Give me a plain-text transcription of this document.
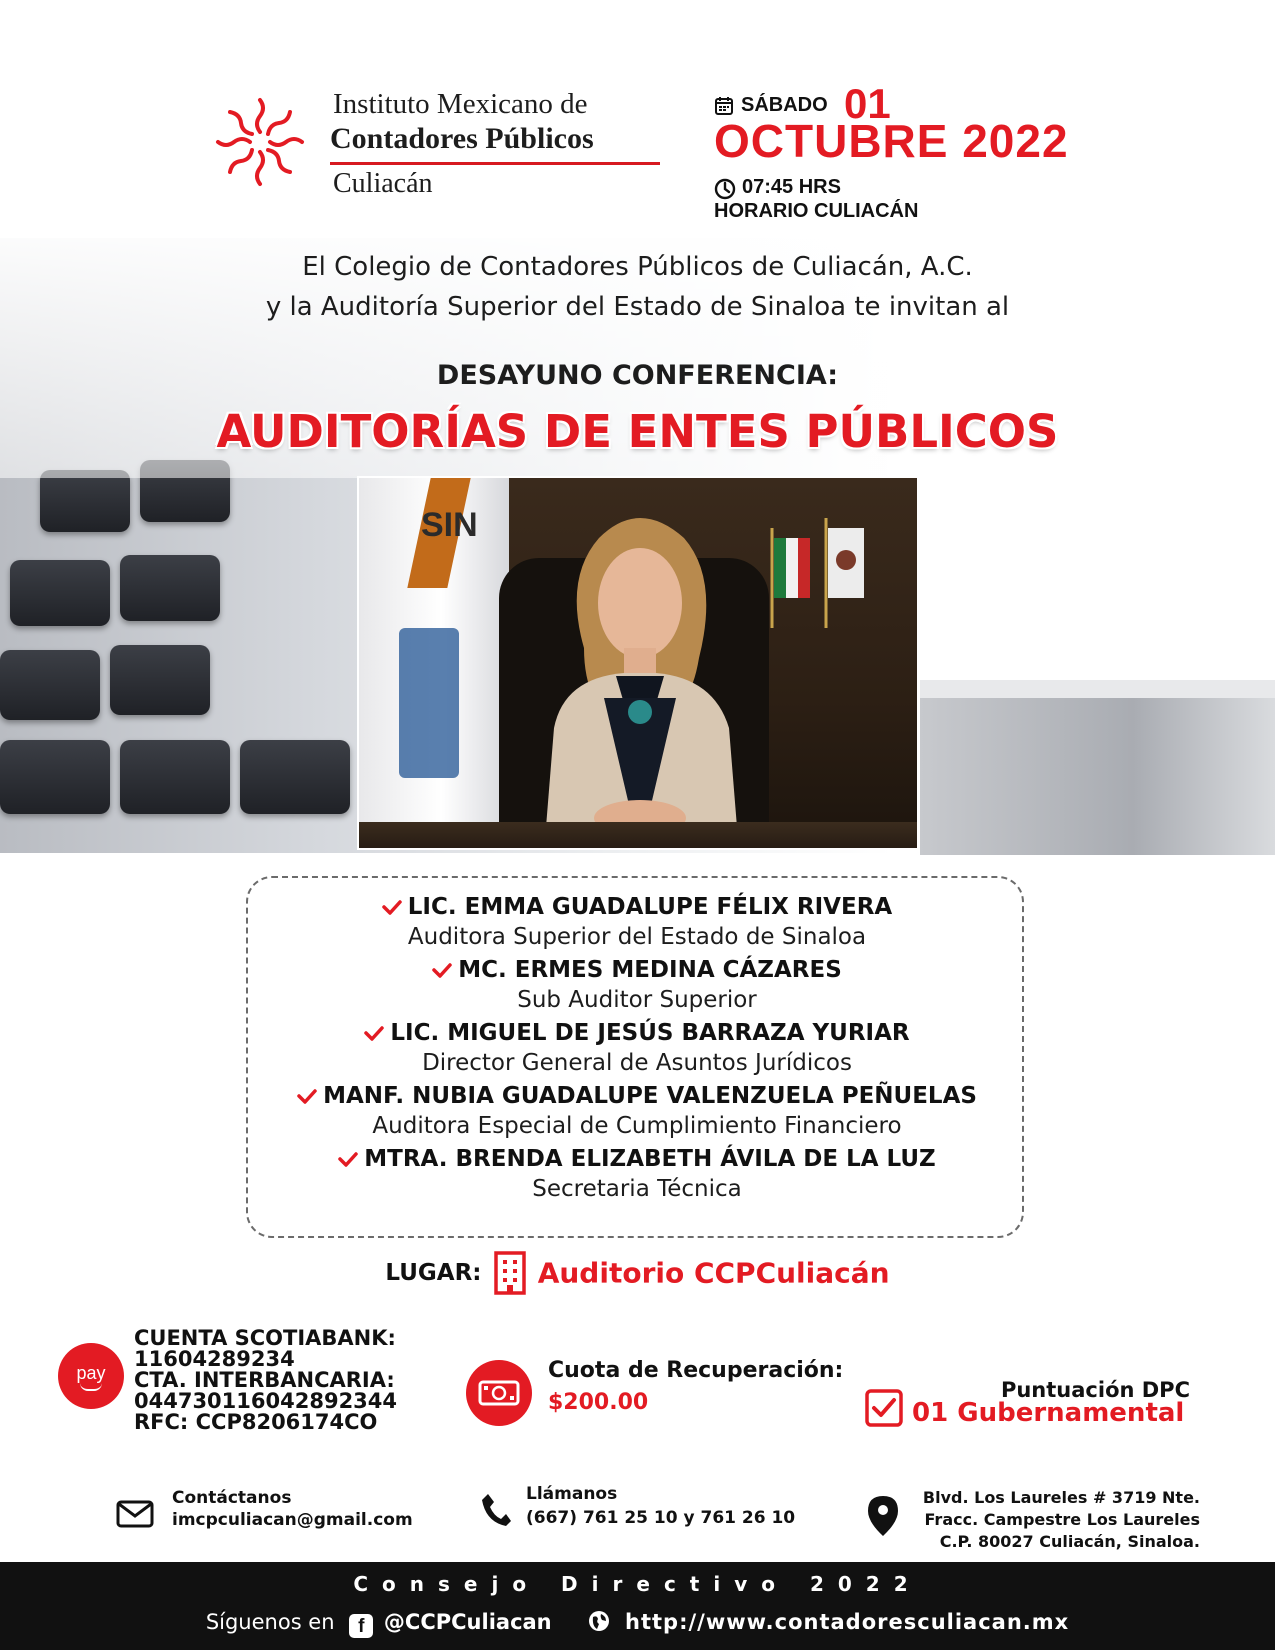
Instituto Mexicano de
Contadores Públicos
Culiacán
SÁBADO 01
OCTUBRE 2022
07:45 HRS
HORARIO CULIACÁN
El Colegio de Contadores Públicos de Culiacán, A.C.
y la Auditoría Superior del Estado de Sinaloa te invitan al
DESAYUNO CONFERENCIA:
AUDITORÍAS DE ENTES PÚBLICOS
SIN
LIC. EMMA GUADALUPE FÉLIX RIVERA
Auditora Superior del Estado de Sinaloa
MC. ERMES MEDINA CÁZARES
Sub Auditor Superior
LIC. MIGUEL DE JESÚS BARRAZA YURIAR
Director General de Asuntos Jurídicos
MANF. NUBIA GUADALUPE VALENZUELA PEÑUELAS
Auditora Especial de Cumplimiento Financiero
MTRA. BRENDA ELIZABETH ÁVILA DE LA LUZ
Secretaria Técnica
LUGAR: Auditorio CCPCuliacán
pay
CUENTA SCOTIABANK:
11604289234
CTA. INTERBANCARIA:
044730116042892344
RFC: CCP8206174CO
Cuota de Recuperación:
$200.00	Puntuación DPC
01 Gubernamental
Contáctanos
imcpculiacan@gmail.com
Llámanos
(667) 761 25 10 y 761 26 10
Blvd. Los Laureles # 3719 Nte.
Fracc. Campestre Los Laureles
C.P. 80027 Culiacán, Sinaloa.
Consejo Directivo 2022
Síguenos en f @CCPCuliacan	http://www.contadoresculiacan.mx
